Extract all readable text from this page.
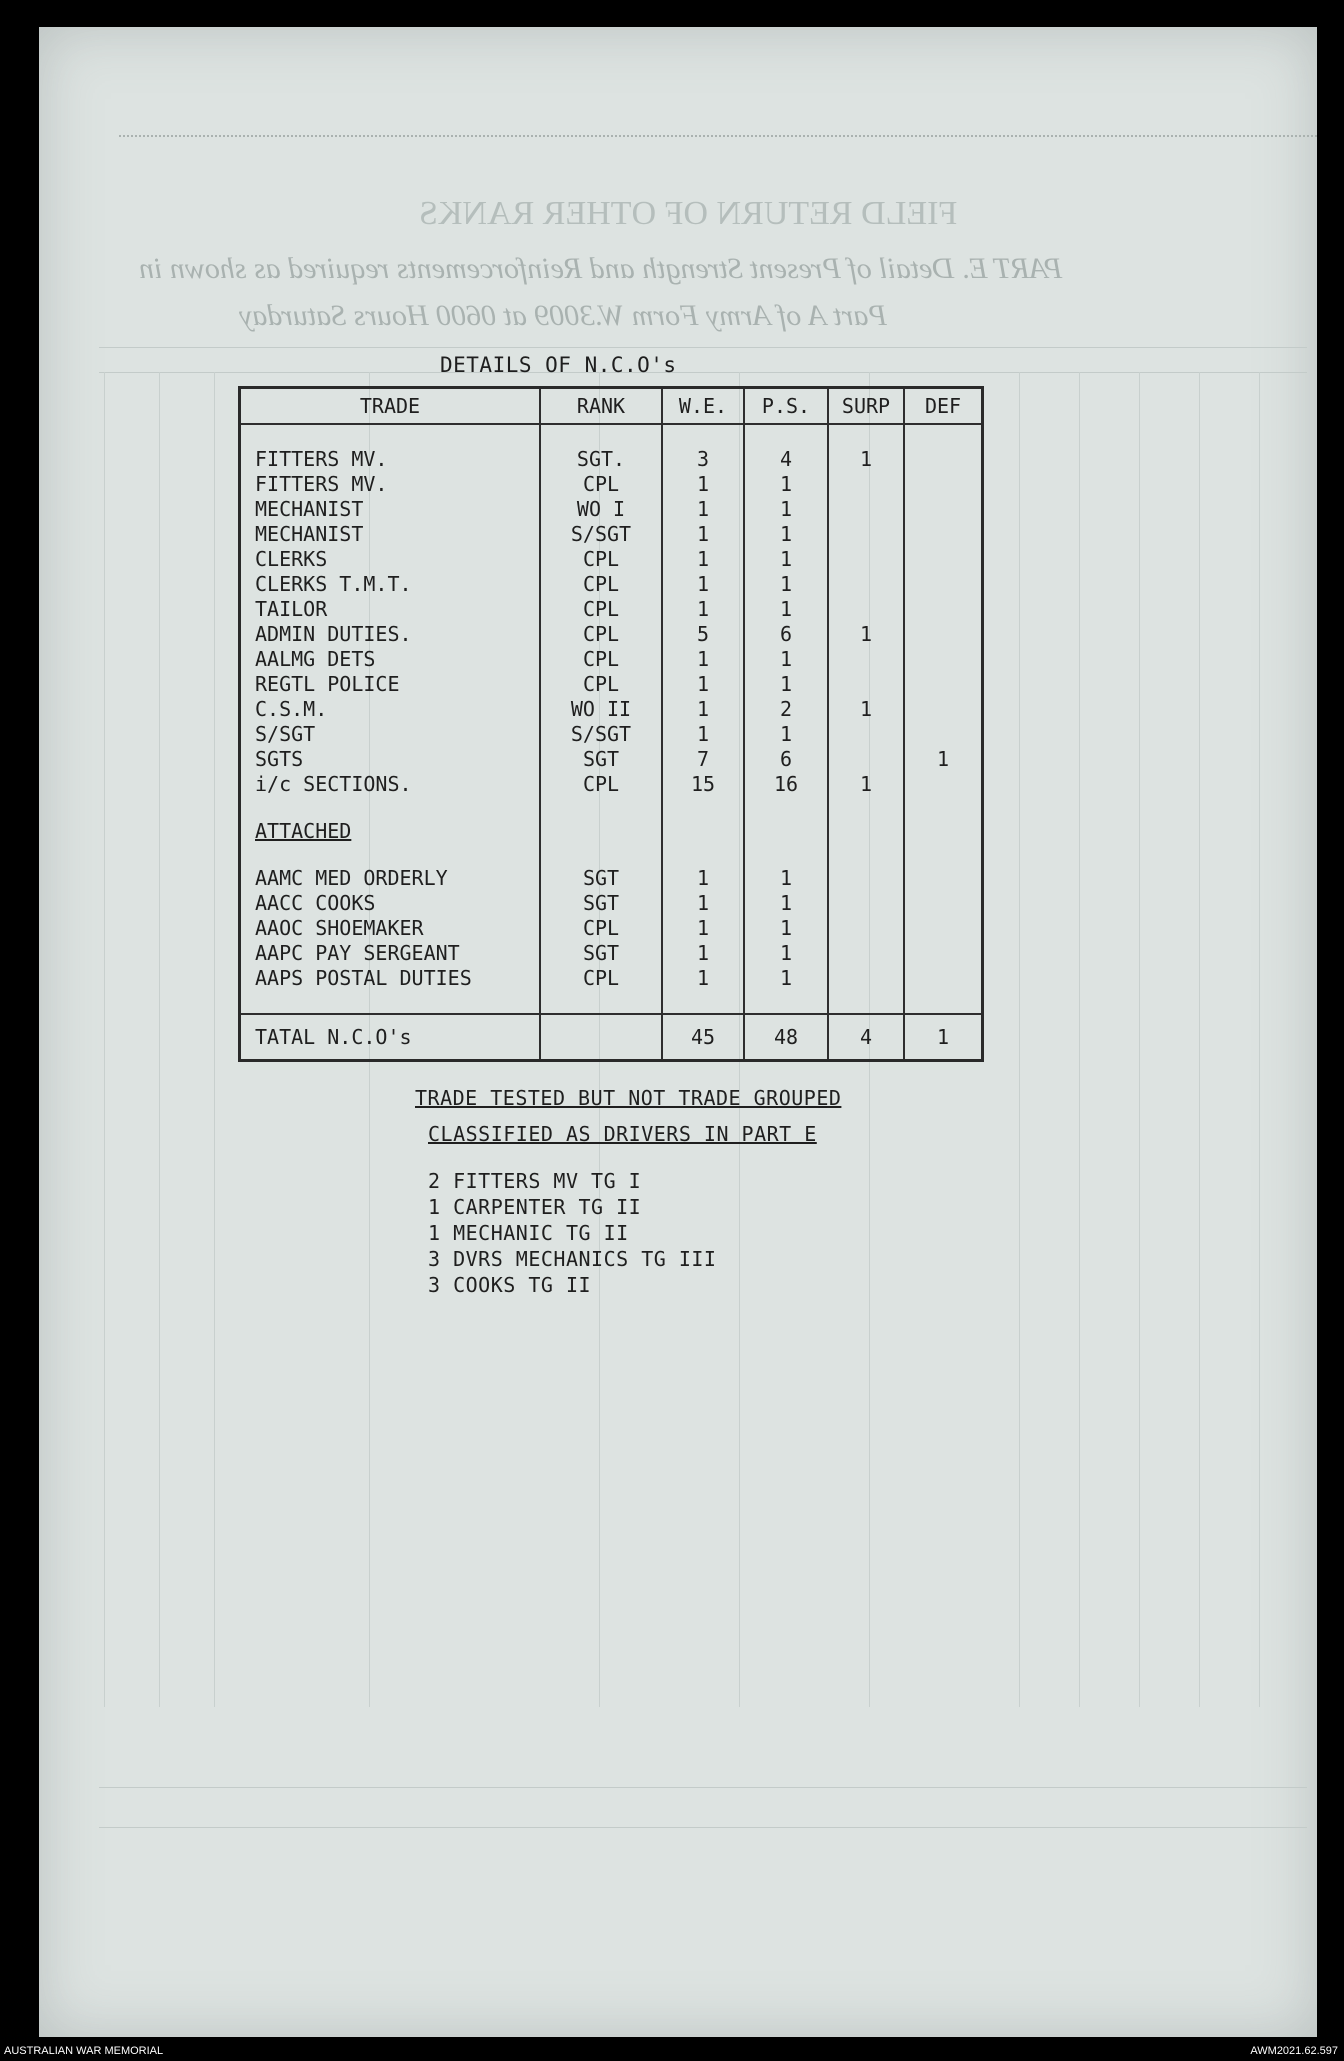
FIELD RETURN OF OTHER RANKS
PART E. Detail of Present Strength and Reinforcements required as shown in
Part A of Army Form W.3009 at 0600 Hours Saturday
DETAILS OF N.C.O's
TRADE	RANK	W.E.	P.S.	SURP	DEF

FITTERS MV.	SGT.	3	4	1	
FITTERS MV.	CPL	1	1		
MECHANIST	WO I	1	1		
MECHANIST	S/SGT	1	1		
CLERKS	CPL	1	1		
CLERKS T.M.T.	CPL	1	1		
TAILOR	CPL	1	1		
ADMIN DUTIES.	CPL	5	6	1	
AALMG DETS	CPL	1	1		
REGTL POLICE	CPL	1	1		
C.S.M.	WO II	1	2	1	
S/SGT	S/SGT	1	1		
SGTS	SGT	7	6		1
i/c SECTIONS.	CPL	15	16	1	

ATTACHED					

AAMC MED ORDERLY	SGT	1	1		
AACC COOKS	SGT	1	1		
AAOC SHOEMAKER	CPL	1	1		
AAPC PAY SERGEANT	SGT	1	1		
AAPS POSTAL DUTIES	CPL	1	1		

TATAL N.C.O's		45	48	4	1
TRADE TESTED BUT NOT TRADE GROUPED
CLASSIFIED AS DRIVERS IN PART E
2 FITTERS MV TG I
1 CARPENTER TG II
1 MECHANIC TG II
3 DVRS MECHANICS TG III
3 COOKS TG II
AUSTRALIAN WAR MEMORIAL	AWM2021.62.597
